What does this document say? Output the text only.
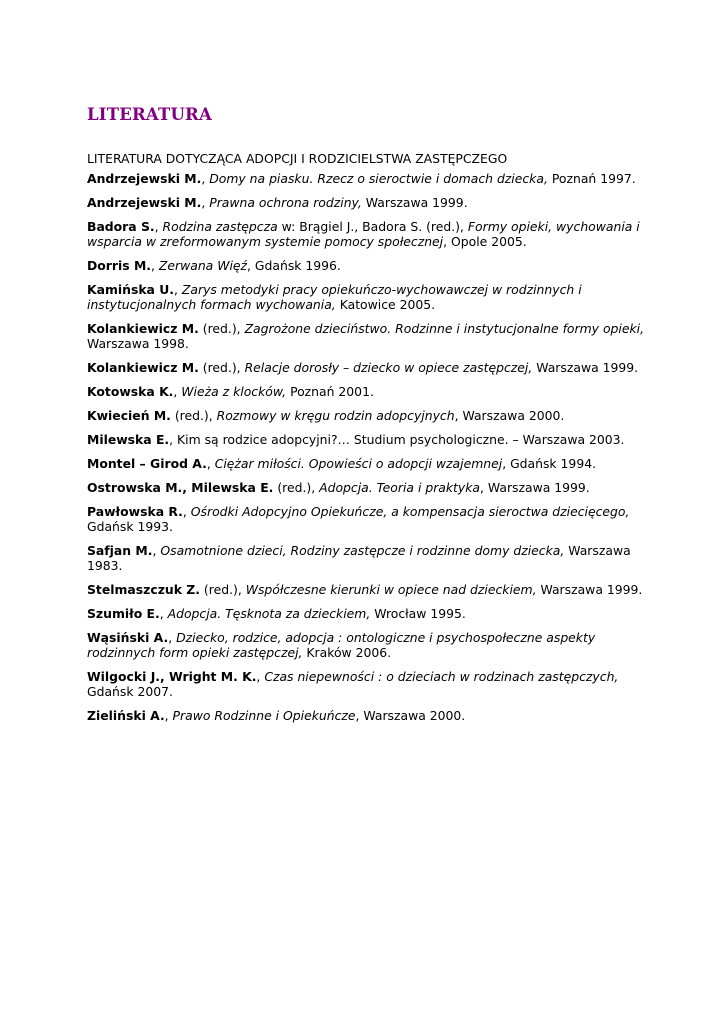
LITERATURA
LITERATURA DOTYCZĄCA ADOPCJI I RODZICIELSTWA ZASTĘPCZEGO
Andrzejewski M., Domy na piasku. Rzecz o sieroctwie i domach dziecka, Poznań 1997.
Andrzejewski M., Prawna ochrona rodziny, Warszawa 1999.
Badora S., Rodzina zastępcza w: Brągiel J., Badora S. (red.), Formy opieki, wychowania i wsparcia w zreformowanym systemie pomocy społecznej, Opole 2005.
Dorris M., Zerwana Więź, Gdańsk 1996.
Kamińska U., Zarys metodyki pracy opiekuńczo-wychowawczej w rodzinnych i instytucjonalnych formach wychowania, Katowice 2005.
Kolankiewicz M. (red.), Zagrożone dzieciństwo. Rodzinne i instytucjonalne formy opieki, Warszawa 1998.
Kolankiewicz M. (red.), Relacje dorosły – dziecko w opiece zastępczej, Warszawa 1999.
Kotowska K., Wieża z klocków, Poznań 2001.
Kwiecień M. (red.), Rozmowy w kręgu rodzin adopcyjnych, Warszawa 2000.
Milewska E., Kim są rodzice adopcyjni?… Studium psychologiczne. – Warszawa 2003.
Montel – Girod A., Ciężar miłości. Opowieści o adopcji wzajemnej, Gdańsk 1994.
Ostrowska M., Milewska E. (red.), Adopcja. Teoria i praktyka, Warszawa 1999.
Pawłowska R., Ośrodki Adopcyjno Opiekuńcze, a kompensacja sieroctwa dziecięcego, Gdańsk 1993.
Safjan M., Osamotnione dzieci, Rodziny zastępcze i rodzinne domy dziecka, Warszawa 1983.
Stelmaszczuk Z. (red.), Współczesne kierunki w opiece nad dzieckiem, Warszawa 1999.
Szumiło E., Adopcja. Tęsknota za dzieckiem, Wrocław 1995.
Wąsiński A., Dziecko, rodzice, adopcja : ontologiczne i psychospołeczne aspekty rodzinnych form opieki zastępczej, Kraków 2006.
Wilgocki J., Wright M. K., Czas niepewności : o dzieciach w rodzinach zastępczych, Gdańsk 2007.
Zieliński A., Prawo Rodzinne i Opiekuńcze, Warszawa 2000.
